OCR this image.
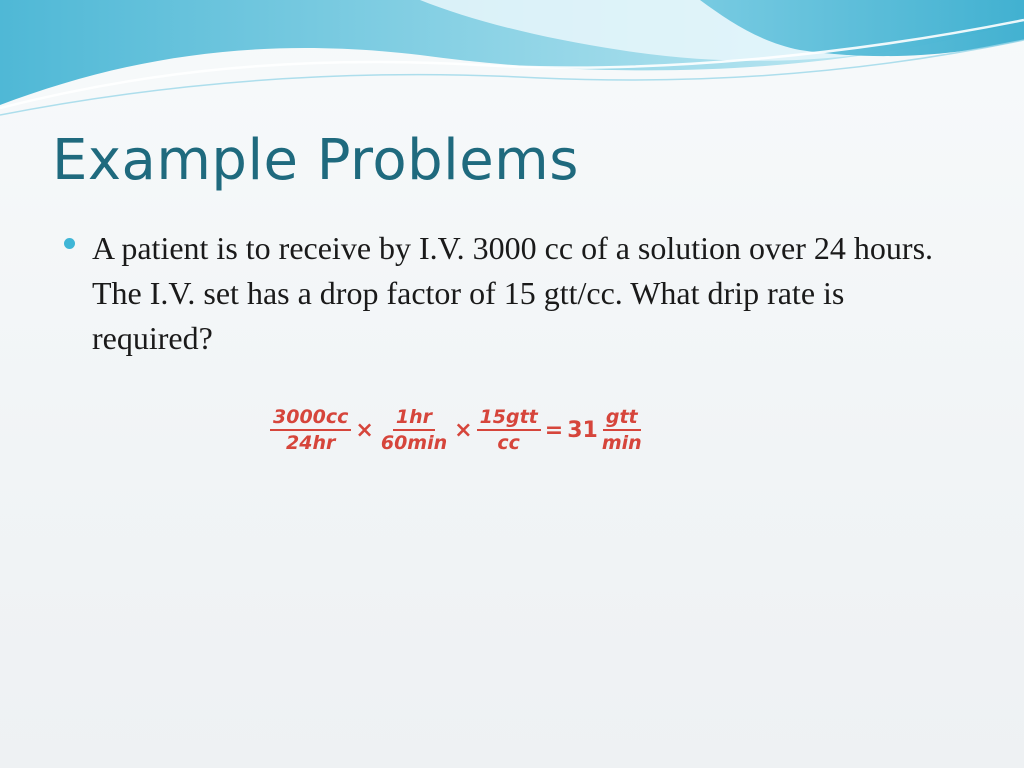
Example Problems
A patient is to receive by I.V. 3000 cc of a solution over 24 hours. The I.V. set has a drop factor of 15 gtt/cc. What drip rate is required?
$\frac{3000cc}{24hr} \times \frac{1hr}{60\min} \times \frac{\text{15gtt}}{cc} = 31 \frac{\text{gtt}}{\min}$
